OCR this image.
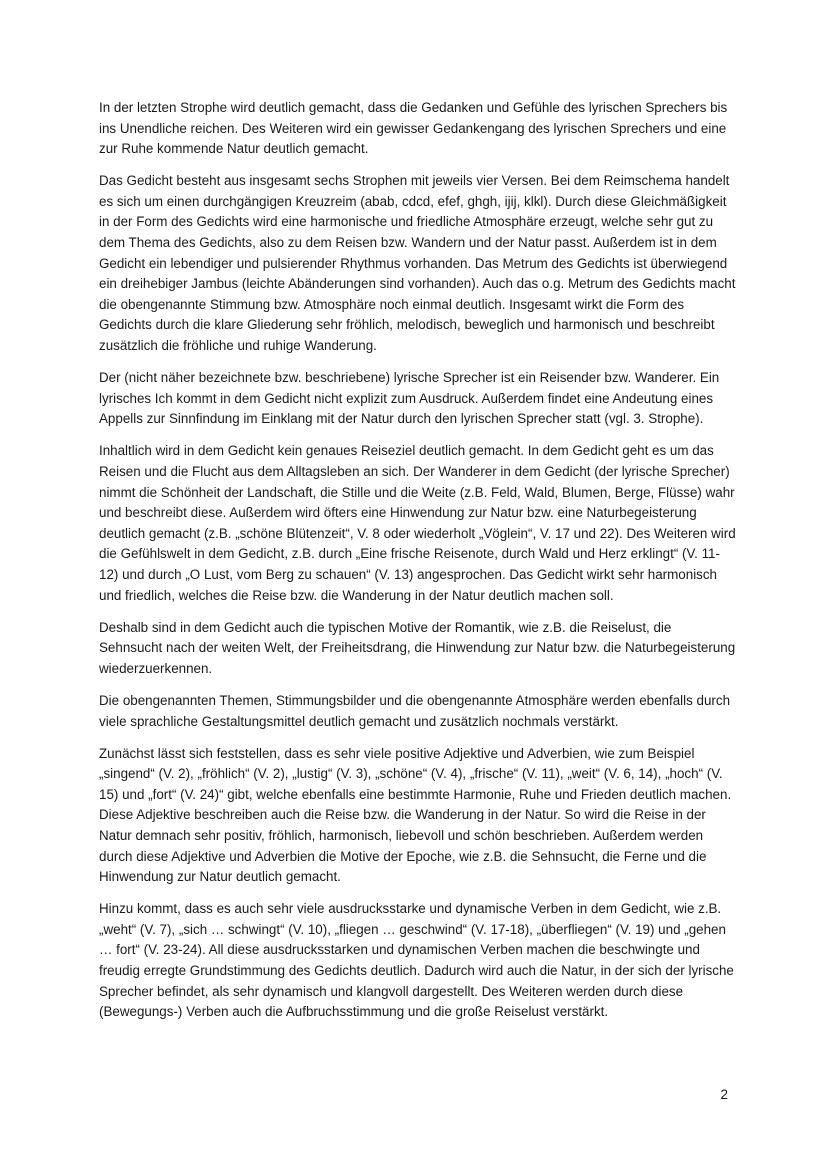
In der letzten Strophe wird deutlich gemacht, dass die Gedanken und Gefühle des lyrischen Sprechers bis ins Unendliche reichen. Des Weiteren wird ein gewisser Gedankengang des lyrischen Sprechers und eine zur Ruhe kommende Natur deutlich gemacht.

Das Gedicht besteht aus insgesamt sechs Strophen mit jeweils vier Versen. Bei dem Reimschema handelt es sich um einen durchgängigen Kreuzreim (abab, cdcd, efef, ghgh, ijij, klkl). Durch diese Gleichmäßigkeit in der Form des Gedichts wird eine harmonische und friedliche Atmosphäre erzeugt, welche sehr gut zu dem Thema des Gedichts, also zu dem Reisen bzw. Wandern und der Natur passt. Außerdem ist in dem Gedicht ein lebendiger und pulsierender Rhythmus vorhanden. Das Metrum des Gedichts ist überwiegend ein dreihebiger Jambus (leichte Abänderungen sind vorhanden). Auch das o.g. Metrum des Gedichts macht die obengenannte Stimmung bzw. Atmosphäre noch einmal deutlich. Insgesamt wirkt die Form des Gedichts durch die klare Gliederung sehr fröhlich, melodisch, beweglich und harmonisch und beschreibt zusätzlich die fröhliche und ruhige Wanderung.

Der (nicht näher bezeichnete bzw. beschriebene) lyrische Sprecher ist ein Reisender bzw. Wanderer. Ein lyrisches Ich kommt in dem Gedicht nicht explizit zum Ausdruck. Außerdem findet eine Andeutung eines Appells zur Sinnfindung im Einklang mit der Natur durch den lyrischen Sprecher statt (vgl. 3. Strophe).

Inhaltlich wird in dem Gedicht kein genaues Reiseziel deutlich gemacht. In dem Gedicht geht es um das Reisen und die Flucht aus dem Alltagsleben an sich. Der Wanderer in dem Gedicht (der lyrische Sprecher) nimmt die Schönheit der Landschaft, die Stille und die Weite (z.B. Feld, Wald, Blumen, Berge, Flüsse) wahr und beschreibt diese. Außerdem wird öfters eine Hinwendung zur Natur bzw. eine Naturbegeisterung deutlich gemacht (z.B. „schöne Blütenzeit“, V. 8 oder wiederholt „Vöglein“, V. 17 und 22). Des Weiteren wird die Gefühlswelt in dem Gedicht, z.B. durch „Eine frische Reisenote, durch Wald und Herz erklingt“ (V. 11-12) und durch „O Lust, vom Berg zu schauen“ (V. 13) angesprochen. Das Gedicht wirkt sehr harmonisch und friedlich, welches die Reise bzw. die Wanderung in der Natur deutlich machen soll.

Deshalb sind in dem Gedicht auch die typischen Motive der Romantik, wie z.B. die Reiselust, die Sehnsucht nach der weiten Welt, der Freiheitsdrang, die Hinwendung zur Natur bzw. die Naturbegeisterung wiederzuerkennen.

Die obengenannten Themen, Stimmungsbilder und die obengenannte Atmosphäre werden ebenfalls durch viele sprachliche Gestaltungsmittel deutlich gemacht und zusätzlich nochmals verstärkt.

Zunächst lässt sich feststellen, dass es sehr viele positive Adjektive und Adverbien, wie zum Beispiel „singend“ (V. 2), „fröhlich“ (V. 2), „lustig“ (V. 3), „schöne“ (V. 4), „frische“ (V. 11), „weit“ (V. 6, 14), „hoch“ (V. 15) und „fort“ (V. 24)“ gibt, welche ebenfalls eine bestimmte Harmonie, Ruhe und Frieden deutlich machen. Diese Adjektive beschreiben auch die Reise bzw. die Wanderung in der Natur. So wird die Reise in der Natur demnach sehr positiv, fröhlich, harmonisch, liebevoll und schön beschrieben. Außerdem werden durch diese Adjektive und Adverbien die Motive der Epoche, wie z.B. die Sehnsucht, die Ferne und die Hinwendung zur Natur deutlich gemacht.

Hinzu kommt, dass es auch sehr viele ausdrucksstarke und dynamische Verben in dem Gedicht, wie z.B. „weht“ (V. 7), „sich … schwingt“ (V. 10), „fliegen … geschwind“ (V. 17-18), „überfliegen“ (V. 19) und „gehen … fort“ (V. 23-24). All diese ausdrucksstarken und dynamischen Verben machen die beschwingte und freudig erregte Grundstimmung des Gedichts deutlich. Dadurch wird auch die Natur, in der sich der lyrische Sprecher befindet, als sehr dynamisch und klangvoll dargestellt. Des Weiteren werden durch diese (Bewegungs-) Verben auch die Aufbruchsstimmung und die große Reiselust verstärkt.

2
